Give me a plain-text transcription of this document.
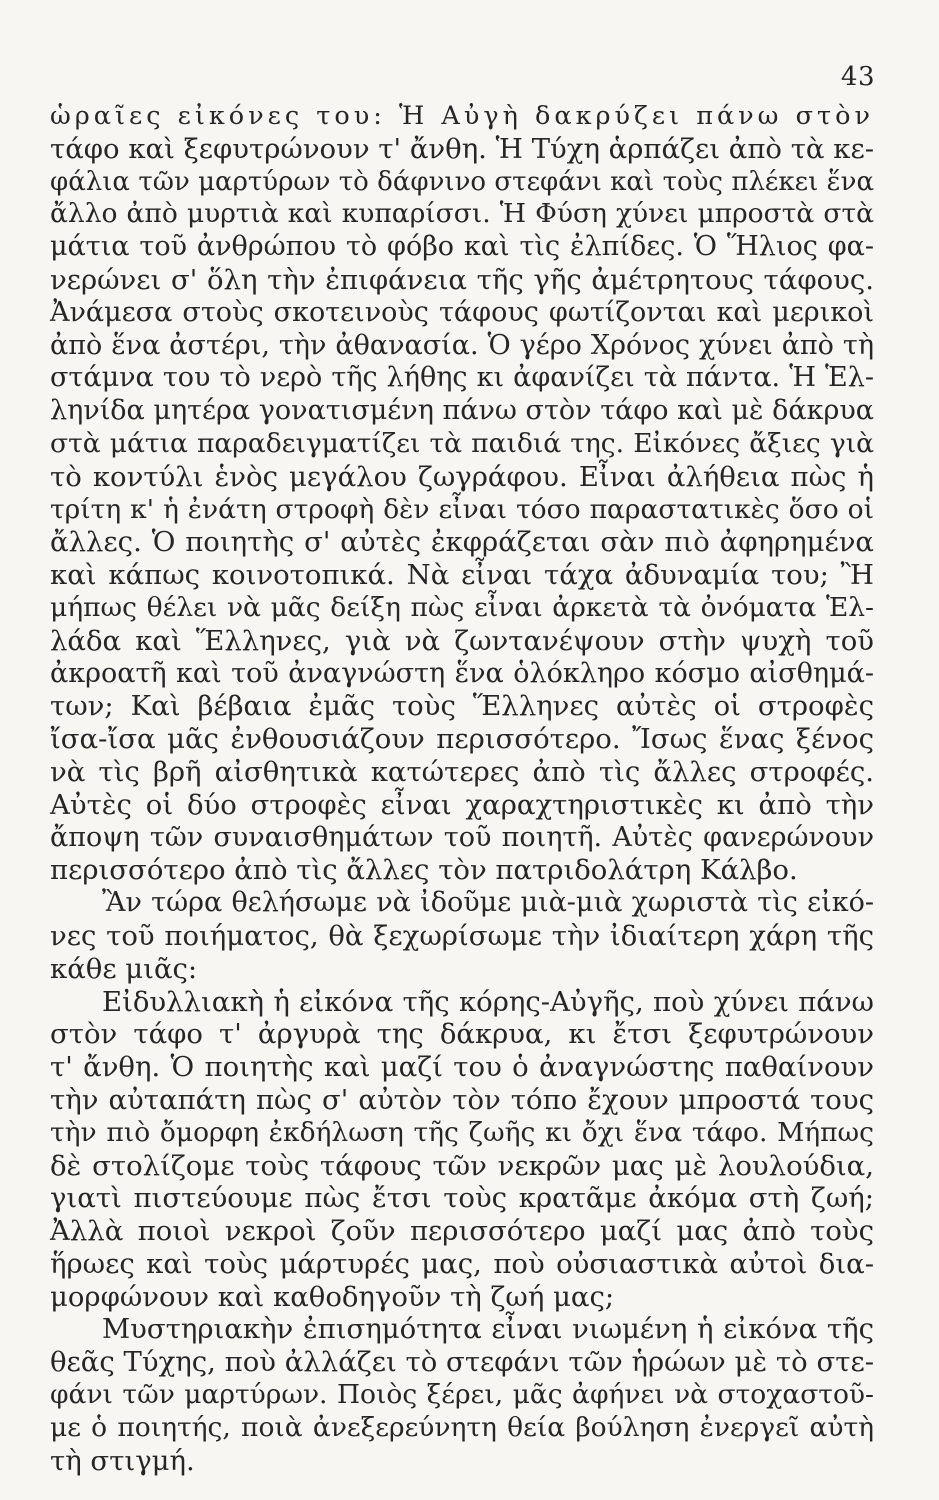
43
ὡραῖες εἰκόνες του: Ἡ Αὐγὴ δακρύζει πάνω στὸν
τάφο καὶ ξεφυτρώνουν τ' ἄνθη. Ἡ Τύχη ἁρπάζει ἀπὸ τὰ κε-
φάλια τῶν μαρτύρων τὸ δάφνινο στεφάνι καὶ τοὺς πλέκει ἕνα
ἄλλο ἀπὸ μυρτιὰ καὶ κυπαρίσσι. Ἡ Φύση χύνει μπροστὰ στὰ
μάτια τοῦ ἀνθρώπου τὸ φόβο καὶ τὶς ἐλπίδες. Ὁ Ἥλιος φα-
νερώνει σ' ὅλη τὴν ἐπιφάνεια τῆς γῆς ἀμέτρητους τάφους.
Ἀνάμεσα στοὺς σκοτεινοὺς τάφους φωτίζονται καὶ μερικοὶ
ἀπὸ ἕνα ἀστέρι, τὴν ἀθανασία. Ὁ γέρο Χρόνος χύνει ἀπὸ τὴ
στάμνα του τὸ νερὸ τῆς λήθης κι ἀφανίζει τὰ πάντα. Ἡ Ἑλ-
ληνίδα μητέρα γονατισμένη πάνω στὸν τάφο καὶ μὲ δάκρυα
στὰ μάτια παραδειγματίζει τὰ παιδιά της. Εἰκόνες ἄξιες γιὰ
τὸ κοντύλι ἑνὸς μεγάλου ζωγράφου. Εἶναι ἀλήθεια πὼς ἡ
τρίτη κ' ἡ ἐνάτη στροφὴ δὲν εἶναι τόσο παραστατικὲς ὅσο οἱ
ἄλλες. Ὁ ποιητὴς σ' αὐτὲς ἐκφράζεται σὰν πιὸ ἀφηρημένα
καὶ κάπως κοινοτοπικά. Νὰ εἶναι τάχα ἀδυναμία του; Ἢ
μήπως θέλει νὰ μᾶς δείξη πὼς εἶναι ἀρκετὰ τὰ ὀνόματα Ἑλ-
λάδα καὶ Ἕλληνες, γιὰ νὰ ζωντανέψουν στὴν ψυχὴ τοῦ
ἀκροατῆ καὶ τοῦ ἀναγνώστη ἕνα ὁλόκληρο κόσμο αἰσθημά-
των; Καὶ βέβαια ἐμᾶς τοὺς Ἕλληνες αὐτὲς οἱ στροφὲς
ἴσα-ἴσα μᾶς ἐνθουσιάζουν περισσότερο. Ἴσως ἕνας ξένος
νὰ τὶς βρῆ αἰσθητικὰ κατώτερες ἀπὸ τὶς ἄλλες στροφές.
Αὐτὲς οἱ δύο στροφὲς εἶναι χαραχτηριστικὲς κι ἀπὸ τὴν
ἄποψη τῶν συναισθημάτων τοῦ ποιητῆ. Αὐτὲς φανερώνουν
περισσότερο ἀπὸ τὶς ἄλλες τὸν πατριδολάτρη Κάλβο.
Ἂν τώρα θελήσωμε νὰ ἰδοῦμε μιὰ-μιὰ χωριστὰ τὶς εἰκό-
νες τοῦ ποιήματος, θὰ ξεχωρίσωμε τὴν ἰδιαίτερη χάρη τῆς
κάθε μιᾶς:
Εἰδυλλιακὴ ἡ εἰκόνα τῆς κόρης-Αὐγῆς, ποὺ χύνει πάνω
στὸν τάφο τ' ἀργυρὰ της δάκρυα, κι ἔτσι ξεφυτρώνουν
τ' ἄνθη. Ὁ ποιητὴς καὶ μαζί του ὁ ἀναγνώστης παθαίνουν
τὴν αὐταπάτη πὼς σ' αὐτὸν τὸν τόπο ἔχουν μπροστά τους
τὴν πιὸ ὄμορφη ἐκδήλωση τῆς ζωῆς κι ὄχι ἕνα τάφο. Μήπως
δὲ στολίζομε τοὺς τάφους τῶν νεκρῶν μας μὲ λουλούδια,
γιατὶ πιστεύουμε πὼς ἔτσι τοὺς κρατᾶμε ἀκόμα στὴ ζωή;
Ἀλλὰ ποιοὶ νεκροὶ ζοῦν περισσότερο μαζί μας ἀπὸ τοὺς
ἥρωες καὶ τοὺς μάρτυρές μας, ποὺ οὐσιαστικὰ αὐτοὶ δια-
μορφώνουν καὶ καθοδηγοῦν τὴ ζωή μας;
Μυστηριακὴν ἐπισημότητα εἶναι νιωμένη ἡ εἰκόνα τῆς
θεᾶς Τύχης, ποὺ ἀλλάζει τὸ στεφάνι τῶν ἡρώων μὲ τὸ στε-
φάνι τῶν μαρτύρων. Ποιὸς ξέρει, μᾶς ἀφήνει νὰ στοχαστοῦ-
με ὁ ποιητής, ποιὰ ἀνεξερεύνητη θεία βούληση ἐνεργεῖ αὐτὴ
τὴ στιγμή.
